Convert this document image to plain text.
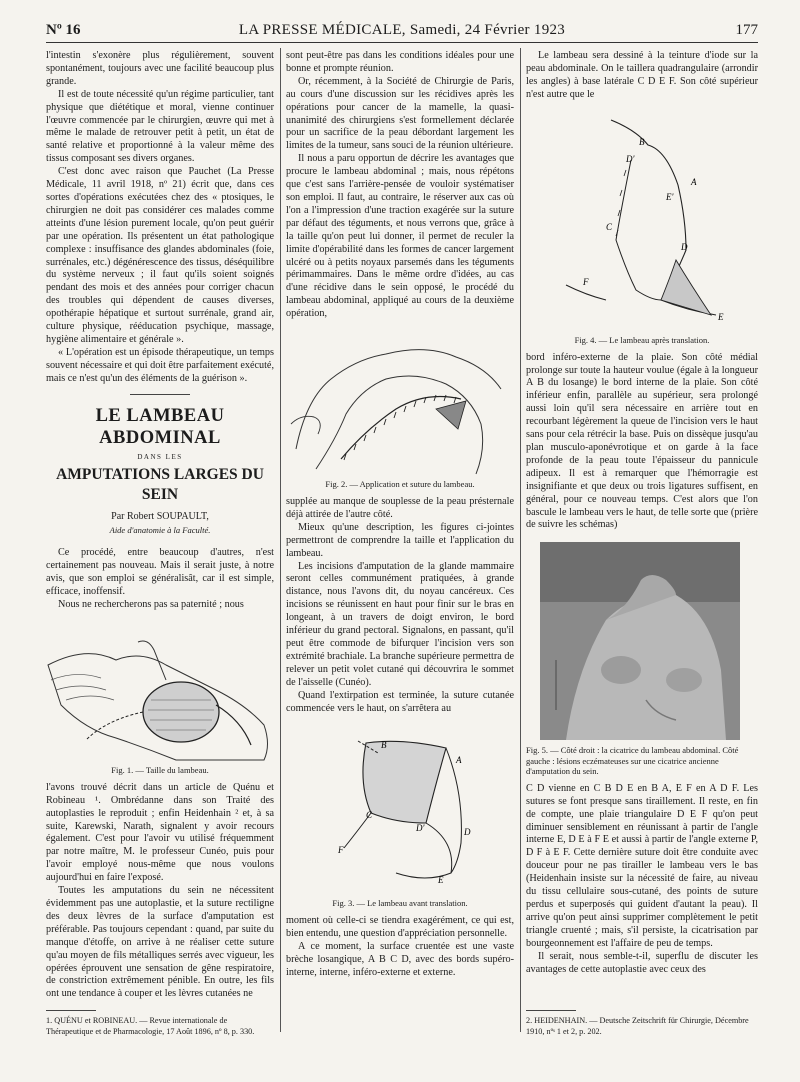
Nº 16	LA PRESSE MÉDICALE, Samedi, 24 Février 1923	177

l'intestin s'exonère plus régulièrement, souvent spontanément, toujours avec une facilité beaucoup plus grande.

Il est de toute nécessité qu'un régime particulier, tant physique que diététique et moral, vienne continuer l'œuvre commencée par le chirurgien, œuvre qui met à même le malade de retrouver petit à petit, un état de santé relative et proportionné à la valeur même des tissus composant ses divers organes.

C'est donc avec raison que Pauchet (La Presse Médicale, 11 avril 1918, nº 21) écrit que, dans ces sortes d'opérations exécutées chez des « ptosiques, le chirurgien ne doit pas considérer ces malades comme atteints d'une lésion purement locale, qu'on peut guérir par une opération. Ils présentent un état pathologique complexe : insuffisance des glandes abdominales (foie, surrénales, etc.) dégénérescence des tissus, déséquilibre du système nerveux ; il faut qu'ils soient soignés pendant des mois et des années pour corriger chacun des troubles qui dépendent de causes diverses, opothérapie hépatique et surtout surrénale, grand air, culture physique, rééducation psychique, massage, hygiène alimentaire et générale ».

« L'opération est un épisode thérapeutique, un temps souvent nécessaire et qui doit être parfaitement exécuté, mais ce n'est qu'un des éléments de la guérison ».

LE LAMBEAU ABDOMINAL
DANS LES
AMPUTATIONS LARGES DU SEIN
Par Robert SOUPAULT,
Aide d'anatomie à la Faculté.

Ce procédé, entre beaucoup d'autres, n'est certainement pas nouveau. Mais il serait juste, à notre avis, que son emploi se généralisât, car il est simple, efficace, inoffensif.

Nous ne rechercherons pas sa paternité ; nous

Fig. 1. — Taille du lambeau.

l'avons trouvé décrit dans un article de Quénu et Robineau ¹. Ombrédanne dans son Traité des autoplasties le reproduit ; enfin Heidenhain ² et, à sa suite, Karewski, Narath, signalent y avoir recours également. C'est pour l'avoir vu utilisé fréquemment par notre maître, M. le professeur Cunéo, puis pour l'avoir employé nous-même que nous voulons aujourd'hui en faire l'exposé.

Toutes les amputations du sein ne nécessitent évidemment pas une autoplastie, et la suture rectiligne des deux lèvres de la surface d'amputation est préférable. Pas toujours cependant : quand, par suite du manque d'étoffe, on arrive à ne réaliser cette suture qu'au moyen de fils métalliques serrés avec vigueur, les opérées éprouvent une sensation de gêne respiratoire, de constriction extrêmement pénible. En outre, les fils ont une tendance à couper et les lèvres cutanées ne

1. QUÉNU et ROBINEAU. — Revue internationale de Thérapeutique et de Pharmacologie, 17 Août 1896, nº 8, p. 330.

sont peut-être pas dans les conditions idéales pour une bonne et prompte réunion.

Or, récemment, à la Société de Chirurgie de Paris, au cours d'une discussion sur les récidives après les opérations pour cancer de la mamelle, la quasi-unanimité des chirurgiens s'est formellement déclarée pour un sacrifice de la peau débordant largement les limites de la tumeur, sans souci de la réunion ultérieure.

Il nous a paru opportun de décrire les avantages que procure le lambeau abdominal ; mais, nous répétons que c'est sans l'arrière-pensée de vouloir systématiser son emploi. Il faut, au contraire, le réserver aux cas où l'on a l'impression d'une traction exagérée sur la suture par défaut des téguments, et nous verrons que, grâce à la taille qu'on peut lui donner, il permet de reculer la limite d'opérabilité dans les formes de cancer largement ulcéré ou à petits noyaux parsemés dans les téguments périmammaires. Dans le même ordre d'idées, au cas d'une récidive dans le sein opposé, le procédé du lambeau abdominal, appliqué au cours de la deuxième opération,

Fig. 2. — Application et suture du lambeau.

supplée au manque de souplesse de la peau présternale déjà attirée de l'autre côté.

Mieux qu'une description, les figures ci-jointes permettront de comprendre la taille et l'application du lambeau.

Les incisions d'amputation de la glande mammaire seront celles communément pratiquées, à grande distance, nous l'avons dit, du noyau cancéreux. Ces incisions se réunissent en haut pour finir sur le bras en longeant, à un travers de doigt environ, le bord inférieur du grand pectoral. Signalons, en passant, qu'il peut être commode de bifurquer l'incision vers son extrémité brachiale. La branche supérieure permettra de relever un petit volet cutané qui découvrira le sommet de l'aisselle (Cunéo).

Quand l'extirpation est terminée, la suture cutanée commencée vers le haut, on s'arrêtera au

B
A
C
D'	D
F
E
Fig. 3. — Le lambeau avant translation.

moment où celle-ci se tiendra exagérément, ce qui est, bien entendu, une question d'appréciation personnelle.

A ce moment, la surface cruentée est une vaste brèche losangique, A B C D, avec des bords supéro-interne, interne, inféro-externe et externe.

Le lambeau sera dessiné à la teinture d'iode sur la peau abdominale. On le taillera quadrangulaire (arrondir les angles) à base latérale C D E F. Son côté supérieur n'est autre que le

B
D'
A
E'
C
D
F
E
Fig. 4. — Le lambeau après translation.

bord inféro-externe de la plaie. Son côté médial prolonge sur toute la hauteur voulue (égale à la longueur A B du losange) le bord interne de la plaie. Son côté inférieur enfin, parallèle au supérieur, sera prolongé aussi loin qu'il sera nécessaire en arrière tout en recourbant légèrement la queue de l'incision vers le haut sans pour cela rétrécir la base. Puis on dissèque jusqu'au plan musculo-aponévrotique et on garde à la face profonde de la peau toute l'épaisseur du pannicule adipeux. Il est à remarquer que l'hémorragie est insignifiante et que deux ou trois ligatures suffisent, en général, pour ce nouveau temps. C'est alors que l'on bascule le lambeau vers le haut, de telle sorte que (prière de suivre les schémas)

Fig. 5. — Côté droit : la cicatrice du lambeau abdominal. Côté gauche : lésions eczémateuses sur une cicatrice ancienne d'amputation du sein.

C D vienne en C B D E en B A, E F en A D F. Les sutures se font presque sans tiraillement. Il reste, en fin de compte, une plaie triangulaire D E F qu'on peut diminuer sensiblement en réunissant à partir de l'angle interne E, D E à F E et aussi à partir de l'angle externe P, D F à E F. Cette dernière suture doit être conduite avec douceur pour ne pas tirailler le lambeau vers le bas (Heidenhain insiste sur la nécessité de faire, au niveau du tissu cellulaire sous-cutané, des points de suture perdus et superposés qui guident d'autant la peau). Il arrive qu'on peut ainsi supprimer complètement le petit triangle cruenté ; mais, s'il persiste, la cicatrisation par bourgeonnement est l'affaire de peu de temps.

Il serait, nous semble-t-il, superflu de discuter les avantages de cette autoplastie avec ceux des

2. HEIDENHAIN. — Deutsche Zeitschrift für Chirurgie, Décembre 1910, nºˢ 1 et 2, p. 202.
